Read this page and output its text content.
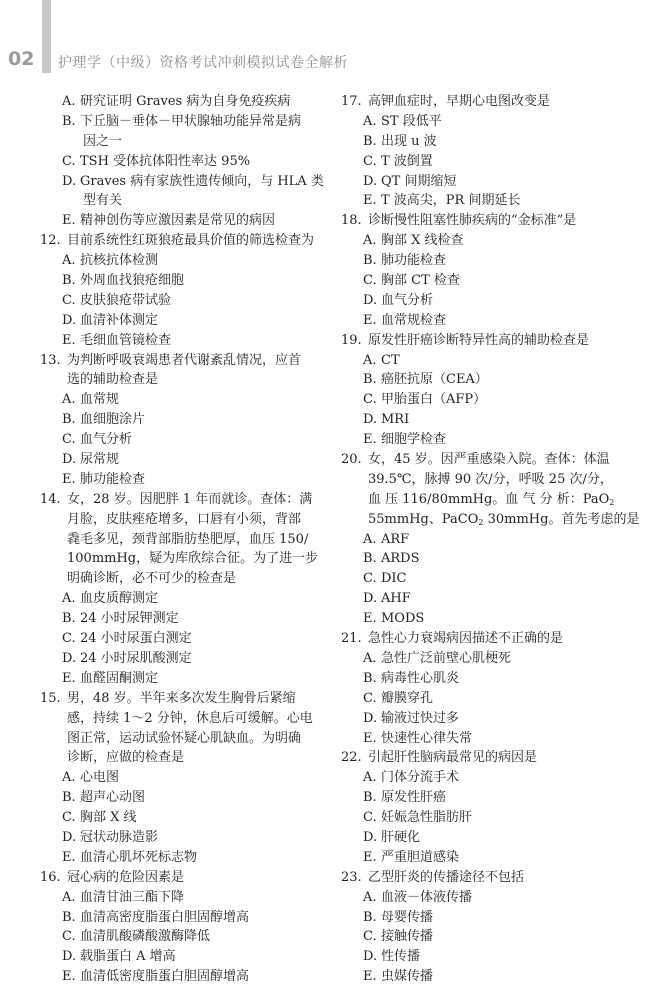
02 护理学（中级）资格考试冲刺模拟试卷全解析
A. 研究证明 Graves 病为自身免疫疾病
B. 下丘脑－垂体－甲状腺轴功能异常是病
因之一
C. TSH 受体抗体阳性率达 95%
D. Graves 病有家族性遗传倾向，与 HLA 类
型有关
E. 精神创伤等应激因素是常见的病因
12. 目前系统性红斑狼疮最具价值的筛选检查为
A. 抗核抗体检测
B. 外周血找狼疮细胞
C. 皮肤狼疮带试验
D. 血清补体测定
E. 毛细血管镜检查
13. 为判断呼吸衰竭患者代谢紊乱情况，应首
选的辅助检查是
A. 血常规
B. 血细胞涂片
C. 血气分析
D. 尿常规
E. 肺功能检查
14. 女，28 岁。因肥胖 1 年而就诊。查体：满
月脸，皮肤痤疮增多，口唇有小须，背部
毳毛多见，颈背部脂肪垫肥厚，血压 150/
100mmHg，疑为库欣综合征。为了进一步
明确诊断，必不可少的检查是
A. 血皮质醇测定
B. 24 小时尿钾测定
C. 24 小时尿蛋白测定
D. 24 小时尿肌酸测定
E. 血醛固酮测定
15. 男，48 岁。半年来多次发生胸骨后紧缩
感，持续 1～2 分钟，休息后可缓解。心电
图正常，运动试验怀疑心肌缺血。为明确
诊断，应做的检查是
A. 心电图
B. 超声心动图
C. 胸部 X 线
D. 冠状动脉造影
E. 血清心肌坏死标志物
16. 冠心病的危险因素是
A. 血清甘油三酯下降
B. 血清高密度脂蛋白胆固醇增高
C. 血清肌酸磷酸激酶降低
D. 载脂蛋白 A 增高
E. 血清低密度脂蛋白胆固醇增高
17. 高钾血症时，早期心电图改变是
A. ST 段低平
B. 出现 u 波
C. T 波倒置
D. QT 间期缩短
E. T 波高尖，PR 间期延长
18. 诊断慢性阻塞性肺疾病的“金标准”是
A. 胸部 X 线检查
B. 肺功能检查
C. 胸部 CT 检查
D. 血气分析
E. 血常规检查
19. 原发性肝癌诊断特异性高的辅助检查是
A. CT
B. 癌胚抗原（CEA）
C. 甲胎蛋白（AFP）
D. MRI
E. 细胞学检查
20. 女，45 岁。因严重感染入院。查体：体温
39.5℃，脉搏 90 次/分，呼吸 25 次/分，
血 压 116/80mmHg。血 气 分 析：PaO$_2$
55mmHg、PaCO$_2$ 30mmHg。首先考虑的是
A. ARF
B. ARDS
C. DIC
D. AHF
E. MODS
21. 急性心力衰竭病因描述不正确的是
A. 急性广泛前壁心肌梗死
B. 病毒性心肌炎
C. 瓣膜穿孔
D. 输液过快过多
E. 快速性心律失常
22. 引起肝性脑病最常见的病因是
A. 门体分流手术
B. 原发性肝癌
C. 妊娠急性脂肪肝
D. 肝硬化
E. 严重胆道感染
23. 乙型肝炎的传播途径不包括
A. 血液－体液传播
B. 母婴传播
C. 接触传播
D. 性传播
E. 虫媒传播
